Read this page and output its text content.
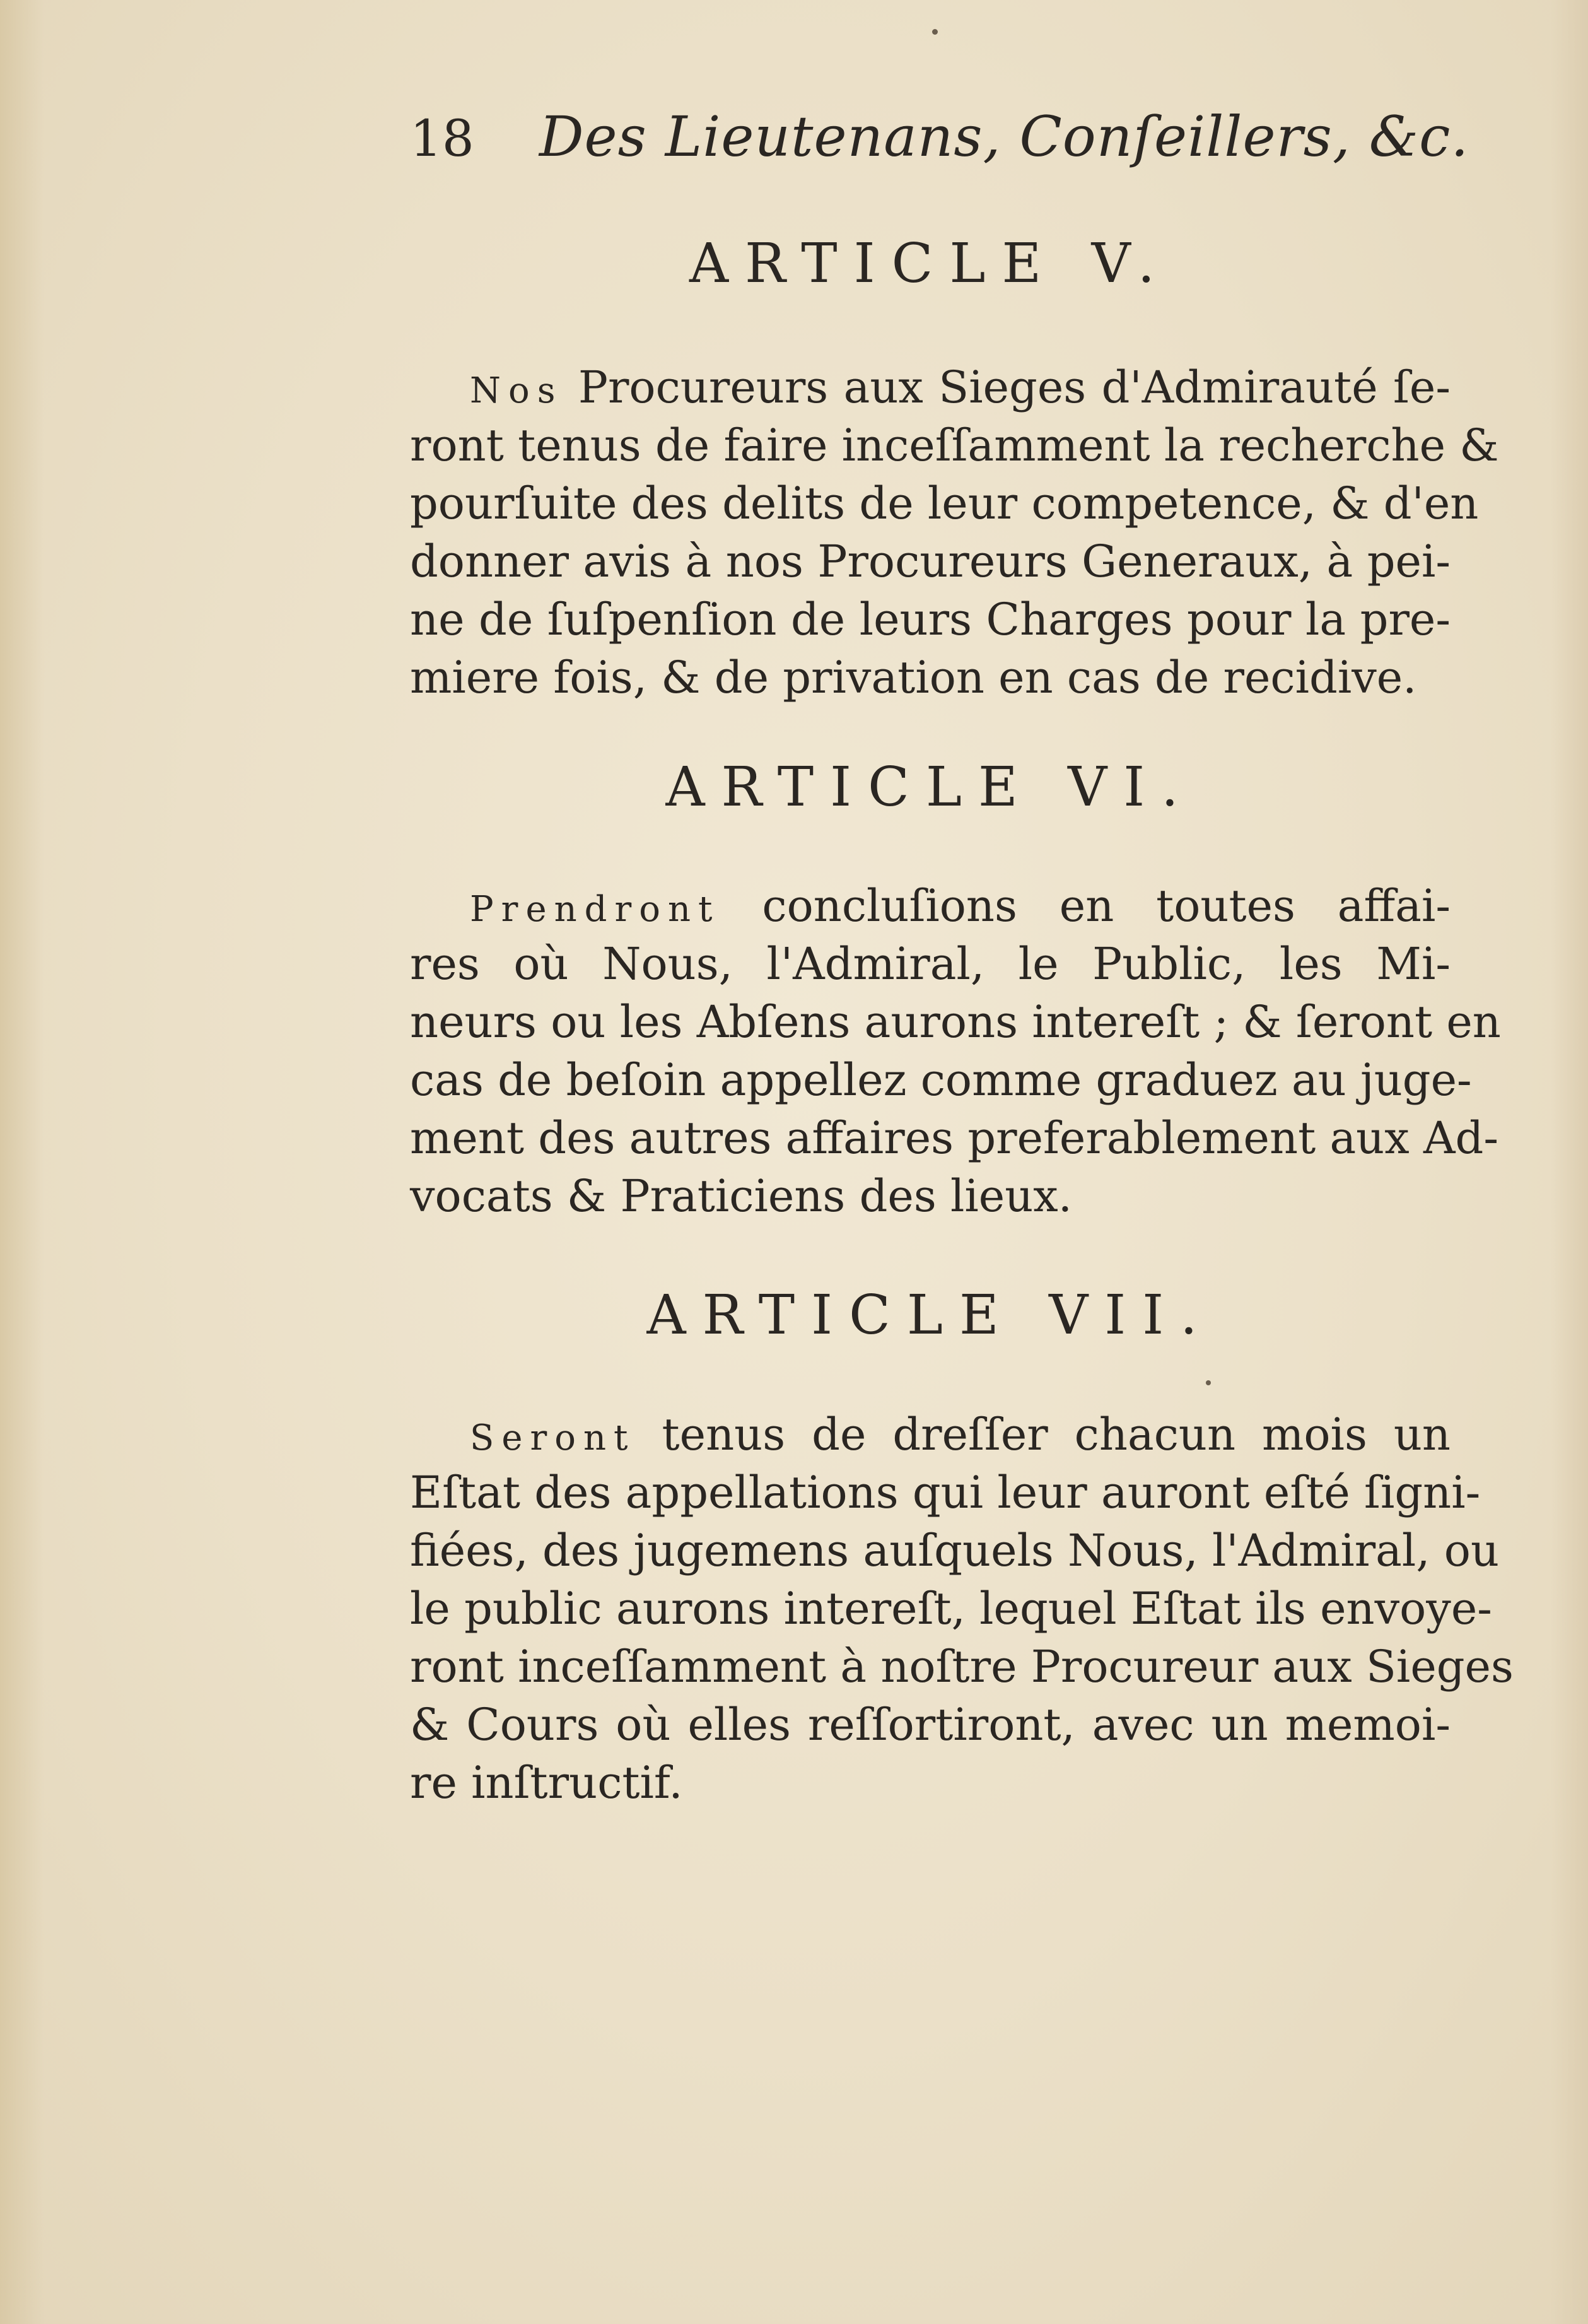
18 Des Lieutenans, Conſeillers, &c.
ARTICLE V.
Nos Procureurs aux Sieges d'Admirauté ſe-
ront tenus de faire inceſſamment la recherche &
pourſuite des delits de leur competence, & d'en
donner avis à nos Procureurs Generaux, à pei-
ne de ſuſpenſion de leurs Charges pour la pre-
miere fois, & de privation en cas de recidive.
ARTICLE VI.
Prendront concluſions en toutes affai-
res où Nous, l'Admiral, le Public, les Mi-
neurs ou les Abſens aurons intereſt ; & ſeront en
cas de beſoin appellez comme graduez au juge-
ment des autres affaires preferablement aux Ad-
vocats & Praticiens des lieux.
ARTICLE VII.
Seront tenus de dreſſer chacun mois un
Eſtat des appellations qui leur auront eſté ſigni-
fiées, des jugemens auſquels Nous, l'Admiral, ou
le public aurons intereſt, lequel Eſtat ils envoye-
ront inceſſamment à noſtre Procureur aux Sieges
& Cours où elles reſſortiront, avec un memoi-
re inſtructif.
